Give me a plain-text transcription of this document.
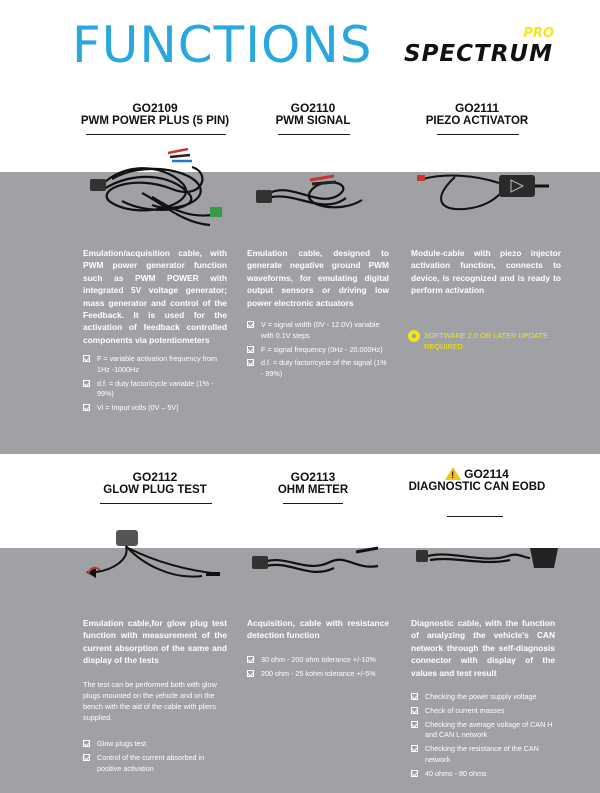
FUNCTIONS	PRO
SPECTRUM
GO2109
PWM POWER PLUS (5 PIN)
Emulation/acquisition cable, with PWM power generator function such as PWM POWER with integrated 5V voltage generator; mass generator and control of the Feedback. It is used for the activation of feedback controlled components via potentiometers
F = variable activation frequency from 1Hz -1000Hz
d.f. = duty factor/cycle variable (1% - 99%)
Vi = Imput volts (0V – 5V)
GO2110
PWM SIGNAL
Emulation cable, designed to generate negative ground PWM waveforms, for emulating digital output sensors or driving low power electronic actuators
V = signal width (0V - 12.0V) variable with 0.1V steps
F = signal frequency (0Hz - 20.000Hz)
d.f. = duty factor/cycle of the signal (1% - 99%)
GO2111
PIEZO ACTIVATOR
Module-cable with piezo injector activation function, connects to device, is recognized and is ready to perform activation
SOFTWARE 2.0 OR LATER UPDATE REQUIRED
GO2112
GLOW PLUG TEST
Emulation cable,for glow plug test function with measurement of the current absorption of the same and display of the tests
The test can be performed both with glow plugs mounted on the vehicle and on the bench with the aid of the cable with pliers supplied.
Glow plugs test
Control of the current absorbed in positive activation
GO2113
OHM METER
Acquisition, cable with resistance detection function
30 ohm - 200 ohm tolerance +/-10%
200 ohm - 25 kohm tolerance +/-5%
!GO2114
DIAGNOSTIC CAN EOBD
Diagnostic cable, with the function of analyzing the vehicle's CAN network through the self-diagnosis connector with display of the values and test result
Checking the power supply voltage
Check of current masses
Checking the average voltage of CAN H and CAN L network
Checking the resistance of the CAN network
40 ohms - 80 ohms
